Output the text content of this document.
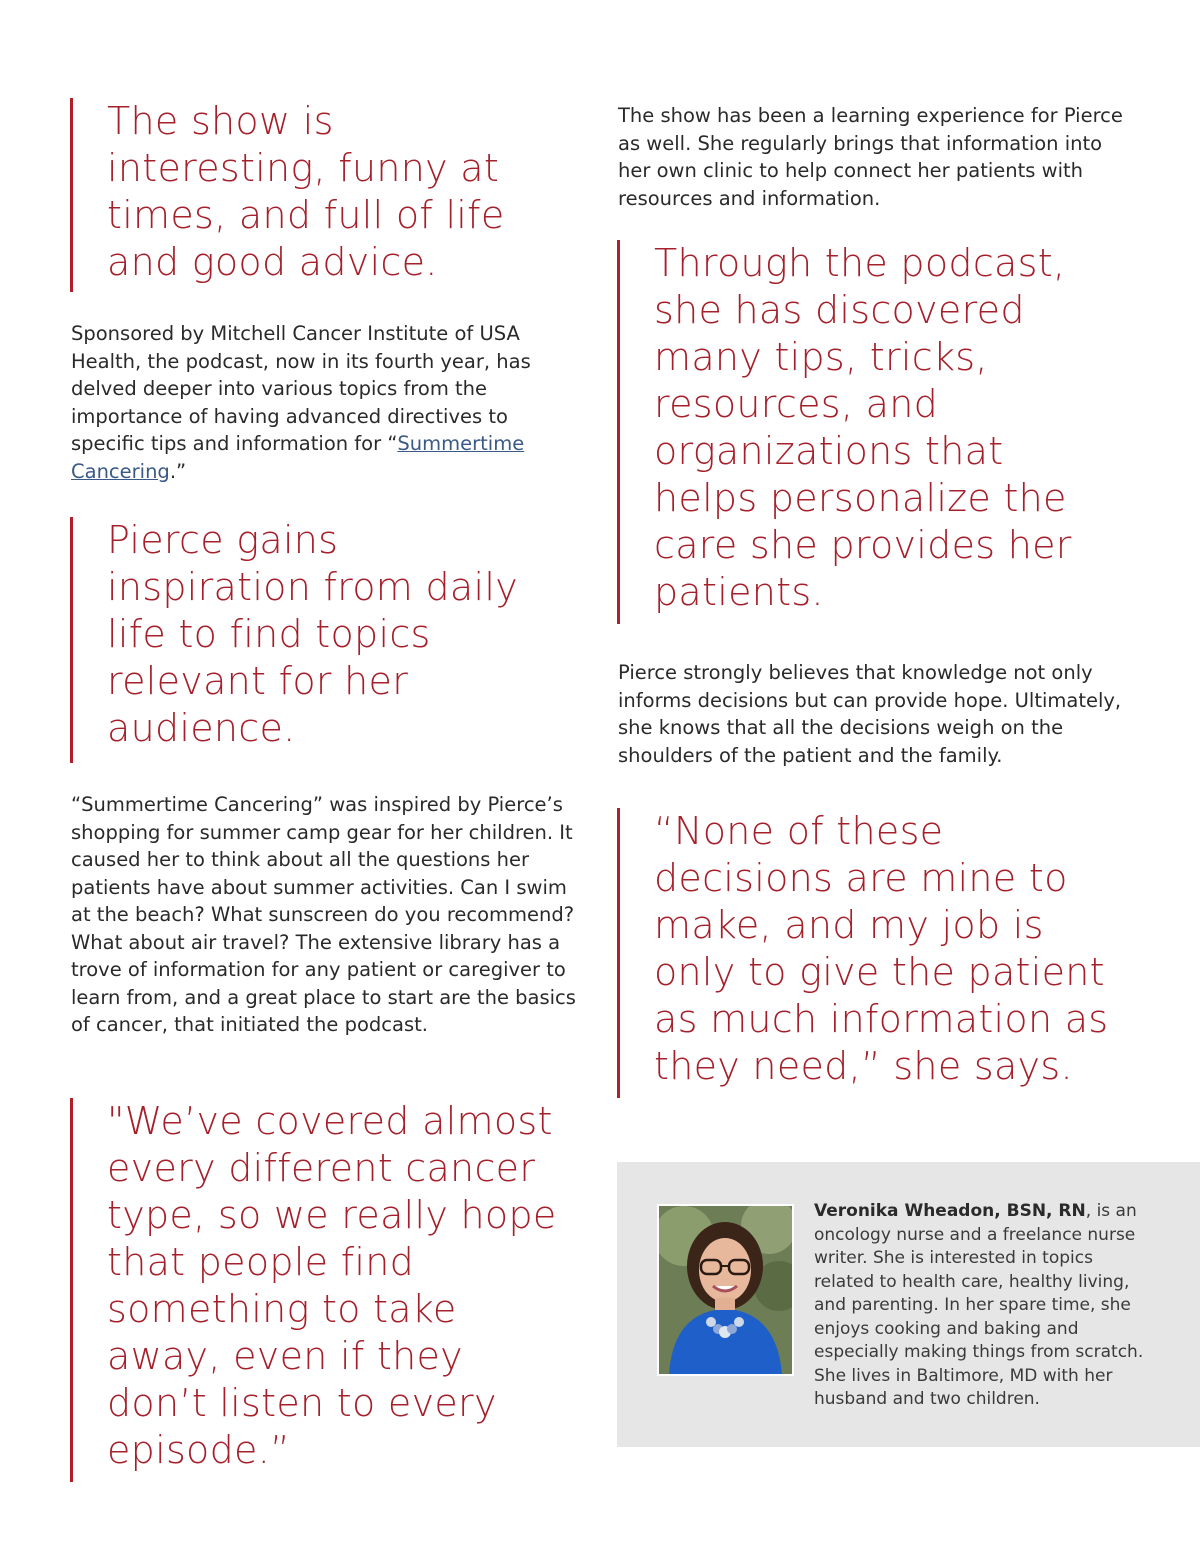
The show is interesting, funny at times, and full of life and good advice.
Sponsored by Mitchell Cancer Institute of USA Health, the podcast, now in its fourth year, has delved deeper into various topics from the importance of having advanced directives to specific tips and information for “Summertime Cancering.”
Pierce gains inspiration from daily life to find topics relevant for her audience.
“Summertime Cancering” was inspired by Pierce’s shopping for summer camp gear for her children. It caused her to think about all the questions her patients have about summer activities. Can I swim at the beach? What sunscreen do you recommend? What about air travel? The extensive library has a trove of information for any patient or caregiver to learn from, and a great place to start are the basics of cancer, that initiated the podcast.
"We’ve covered almost every different cancer type, so we really hope that people find something to take away, even if they don’t listen to every episode.”
The show has been a learning experience for Pierce as well. She regularly brings that information into her own clinic to help connect her patients with resources and information.
Through the podcast, she has discovered many tips, tricks, resources, and organizations that helps personalize the care she provides her patients.
Pierce strongly believes that knowledge not only informs decisions but can provide hope. Ultimately, she knows that all the decisions weigh on the shoulders of the patient and the family.
“None of these decisions are mine to make, and my job is only to give the patient as much information as they need,” she says.
Veronika Wheadon, BSN, RN, is an oncology nurse and a freelance nurse writer. She is interested in topics related to health care, healthy living, and parenting. In her spare time, she enjoys cooking and baking and especially making things from scratch. She lives in Baltimore, MD with her husband and two children.
